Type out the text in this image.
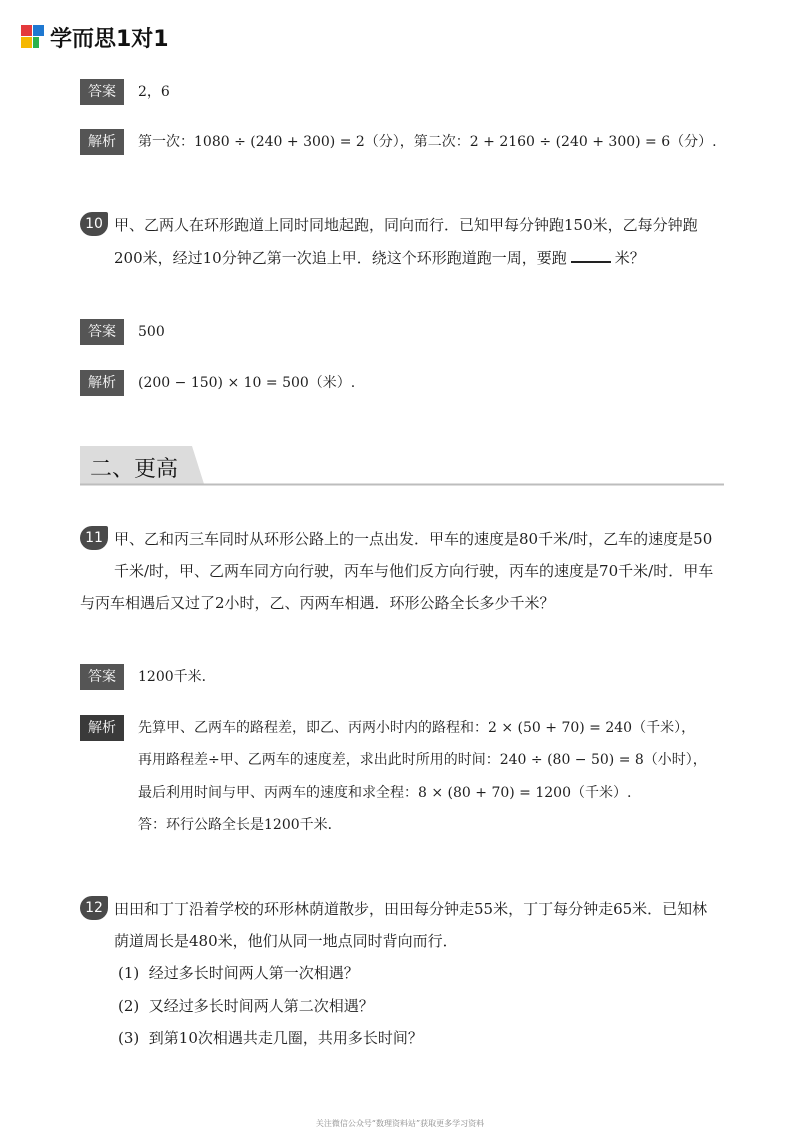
学而思1对1
答案	2，6
解析	第一次：1080 ÷ (240 + 300) = 2（分），第二次：2 + 2160 ÷ (240 + 300) = 6（分）.
10 甲、乙两人在环形跑道上同时同地起跑，同向而行．已知甲每分钟跑150米，乙每分钟跑
200米，经过10分钟乙第一次追上甲．绕这个环形跑道跑一周，要跑	米？
答案	500
解析	(200 − 150) × 10 = 500（米）.
二、更高
11 甲、乙和丙三车同时从环形公路上的一点出发．甲车的速度是80千米/时，乙车的速度是50
千米/时，甲、乙两车同方向行驶，丙车与他们反方向行驶，丙车的速度是70千米/时．甲车
与丙车相遇后又过了2小时，乙、丙两车相遇．环形公路全长多少千米？
答案	1200千米．
解析	先算甲、乙两车的路程差，即乙、丙两小时内的路程和：2 × (50 + 70) = 240（千米），
再用路程差÷甲、乙两车的速度差，求出此时所用的时间：240 ÷ (80 − 50) = 8（小时），
最后利用时间与甲、丙两车的速度和求全程：8 × (80 + 70) = 1200（千米）.
答：环行公路全长是1200千米．
12 田田和丁丁沿着学校的环形林荫道散步，田田每分钟走55米，丁丁每分钟走65米．已知林
荫道周长是480米，他们从同一地点同时背向而行．
(1) 经过多长时间两人第一次相遇？
(2) 又经过多长时间两人第二次相遇？
(3) 到第10次相遇共走几圈，共用多长时间？
关注微信公众号“数理资料站”获取更多学习资料
